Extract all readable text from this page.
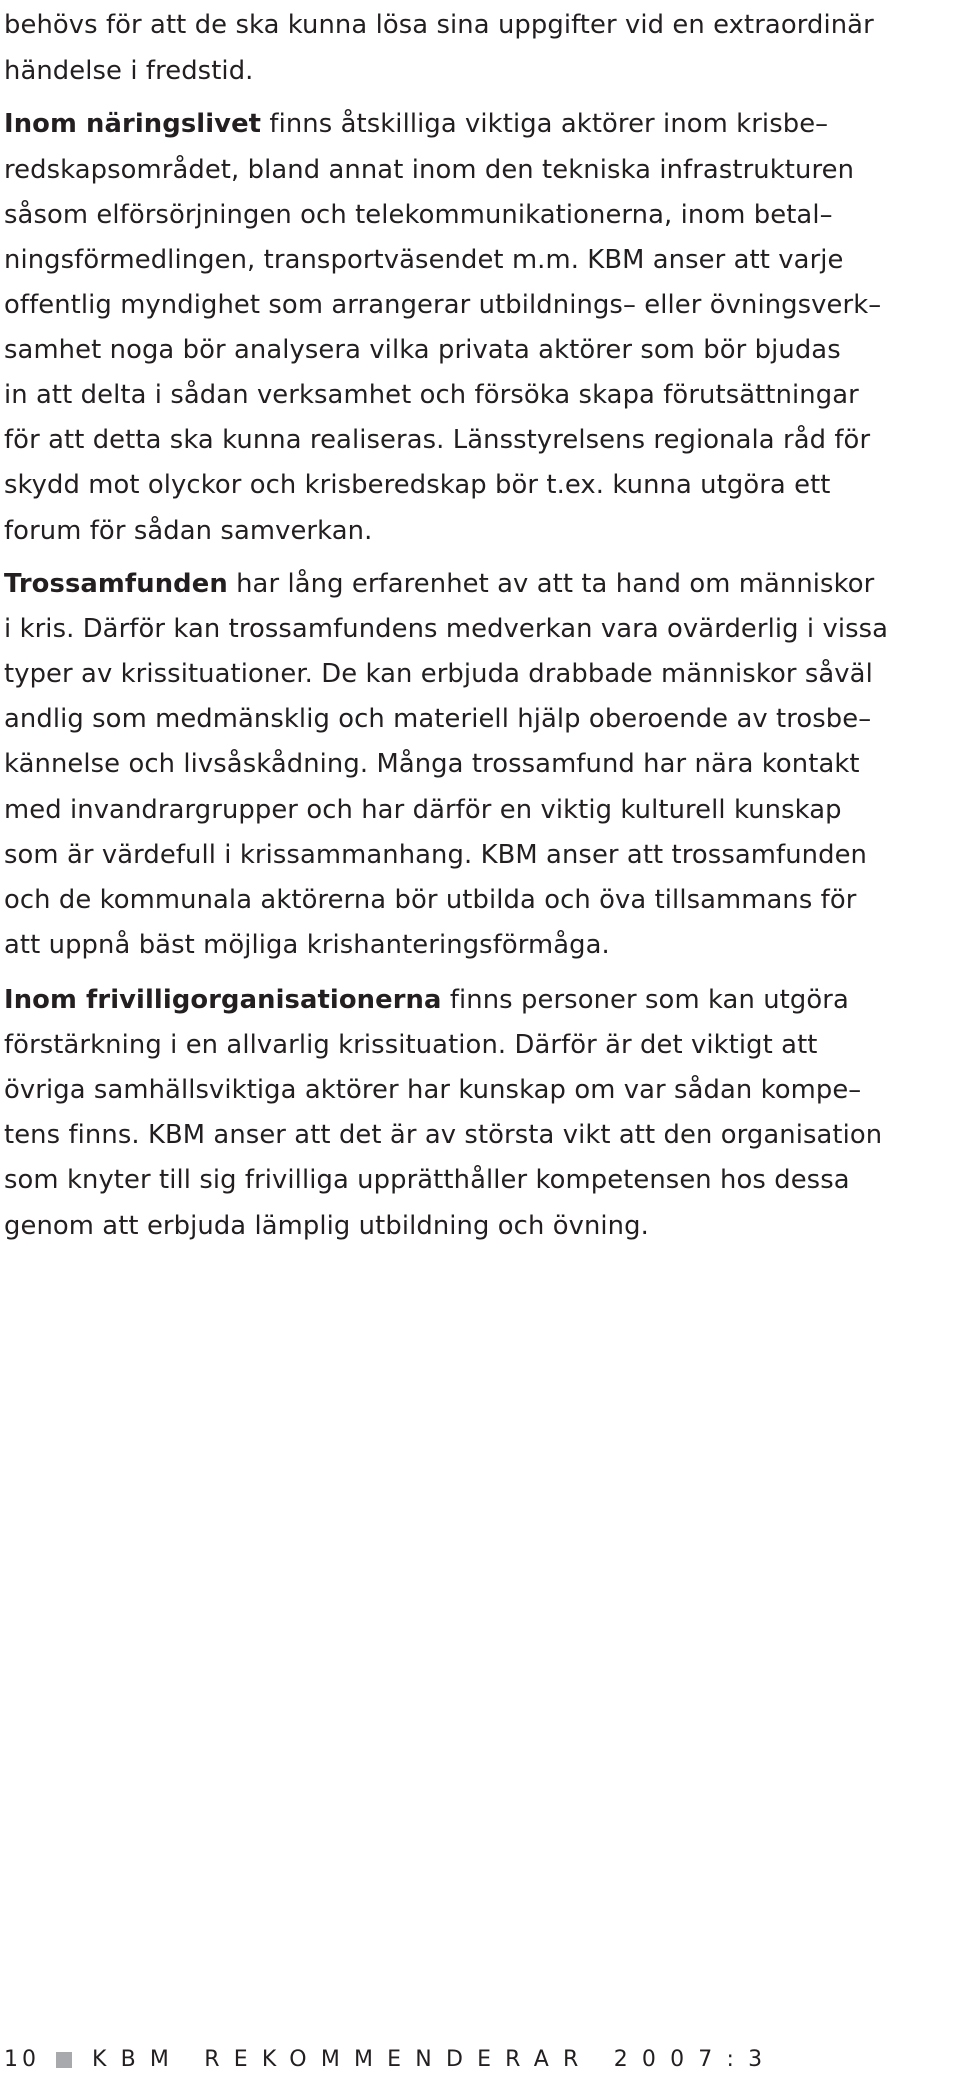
behövs för att de ska kunna lösa sina uppgifter vid en extraordinär
händelse i fredstid.
Inom näringslivet finns åtskilliga viktiga aktörer inom krisbe–
redskapsområdet, bland annat inom den tekniska infrastrukturen
såsom elförsörjningen och telekommunikationerna, inom betal–
ningsförmedlingen, transportväsendet m.m. KBM anser att varje
offentlig myndighet som arrangerar utbildnings– eller övningsverk–
samhet noga bör analysera vilka privata aktörer som bör bjudas
in att delta i sådan verksamhet och försöka skapa förutsättningar
för att detta ska kunna realiseras. Länsstyrelsens regionala råd för
skydd mot olyckor och krisberedskap bör t.ex. kunna utgöra ett
forum för sådan samverkan.
Trossamfunden har lång erfarenhet av att ta hand om människor
i kris. Därför kan trossamfundens medverkan vara ovärderlig i vissa
typer av krissituationer. De kan erbjuda drabbade människor såväl
andlig som medmänsklig och materiell hjälp oberoende av trosbe–
kännelse och livsåskådning. Många trossamfund har nära kontakt
med invandrargrupper och har därför en viktig kulturell kunskap
som är värdefull i krissammanhang. KBM anser att trossamfunden
och de kommunala aktörerna bör utbilda och öva tillsammans för
att uppnå bäst möjliga krishanteringsförmåga.
Inom frivilligorganisationerna finns personer som kan utgöra
förstärkning i en allvarlig krissituation. Därför är det viktigt att
övriga samhällsviktiga aktörer har kunskap om var sådan kompe–
tens finns. KBM anser att det är av största vikt att den organisation
som knyter till sig frivilliga upprätthåller kompetensen hos dessa
genom att erbjuda lämplig utbildning och övning.
10 KBM REKOMMENDERAR 2007:3
